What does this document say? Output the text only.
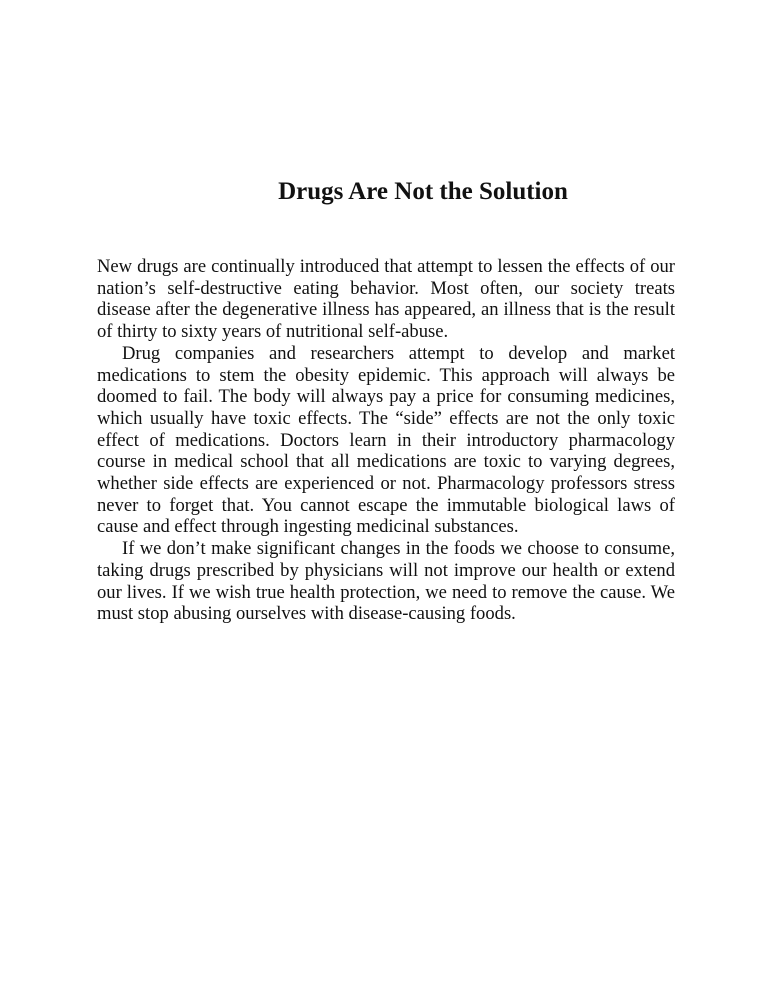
Drugs Are Not the Solution

New drugs are continually introduced that attempt to lessen the effects of our nation’s self-destructive eating behavior. Most often, our society treats disease after the degenerative illness has appeared, an illness that is the result of thirty to sixty years of nutritional self-abuse.

Drug companies and researchers attempt to develop and market medications to stem the obesity epidemic. This approach will always be doomed to fail. The body will always pay a price for consuming medicines, which usually have toxic effects. The “side” effects are not the only toxic effect of medications. Doctors learn in their introductory pharmacology course in medical school that all medications are toxic to varying degrees, whether side effects are experienced or not. Pharmacology professors stress never to forget that. You cannot escape the immutable biological laws of cause and effect through ingesting medicinal substances.

If we don’t make significant changes in the foods we choose to consume, taking drugs prescribed by physicians will not improve our health or extend our lives. If we wish true health protection, we need to remove the cause. We must stop abusing ourselves with disease-causing foods.
